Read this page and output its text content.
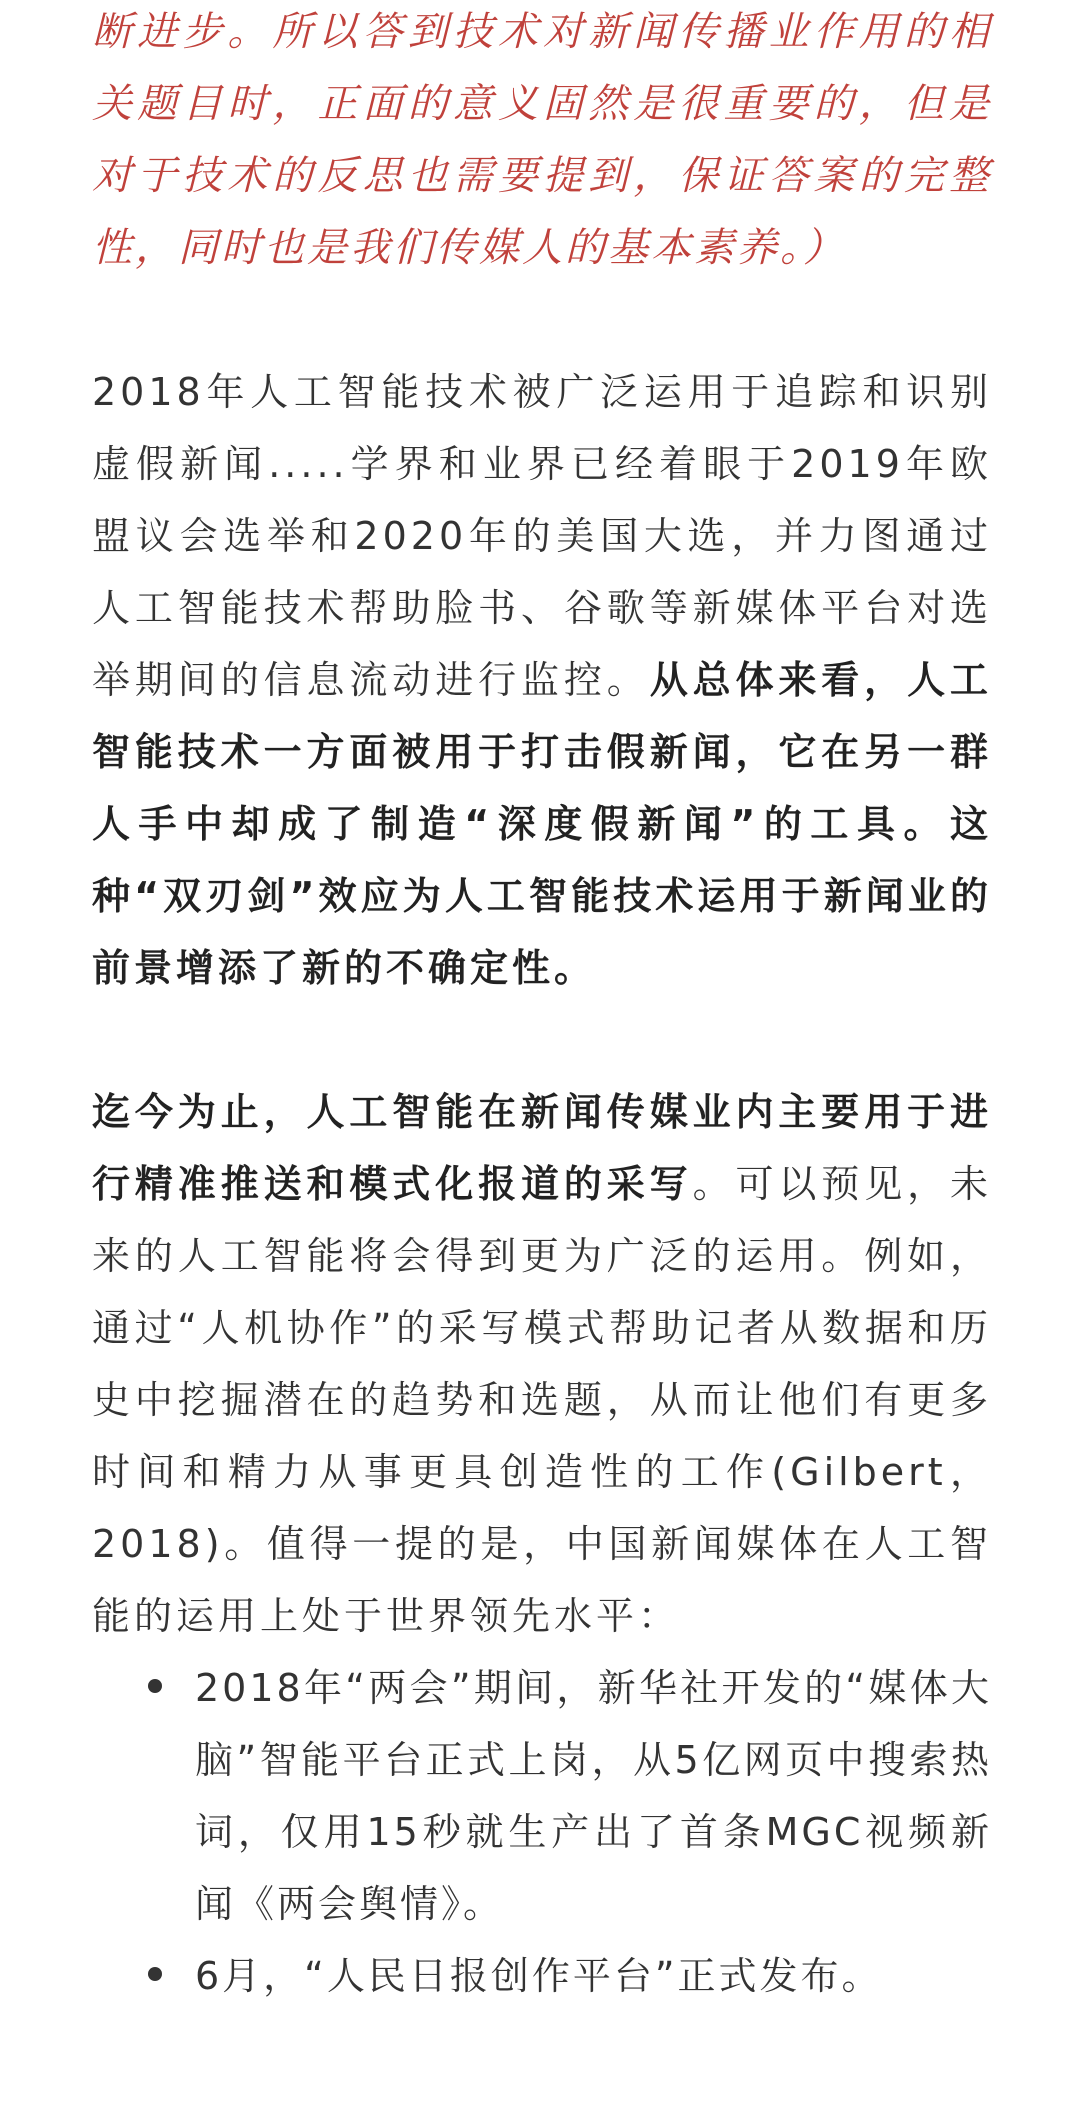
断进步。所以答到技术对新闻传播业作用的相关题目时，正面的意义固然是很重要的，但是对于技术的反思也需要提到，保证答案的完整性，同时也是我们传媒人的基本素养。）

2018年人工智能技术被广泛运用于追踪和识别虚假新闻.....学界和业界已经着眼于2019年欧盟议会选举和2020年的美国大选，并力图通过人工智能技术帮助脸书、谷歌等新媒体平台对选举期间的信息流动进行监控。从总体来看，人工智能技术一方面被用于打击假新闻，它在另一群人手中却成了制造“深度假新闻”的工具。这种“双刃剑”效应为人工智能技术运用于新闻业的前景增添了新的不确定性。

迄今为止，人工智能在新闻传媒业内主要用于进行精准推送和模式化报道的采写。可以预见，未来的人工智能将会得到更为广泛的运用。例如，通过“人机协作”的采写模式帮助记者从数据和历史中挖掘潜在的趋势和选题，从而让他们有更多时间和精力从事更具创造性的工作(Gilbert，2018)。值得一提的是，中国新闻媒体在人工智能的运用上处于世界领先水平：

2018年“两会”期间，新华社开发的“媒体大脑”智能平台正式上岗，从5亿网页中搜索热词，仅用15秒就生产出了首条MGC视频新闻《两会舆情》。
6月，“人民日报创作平台”正式发布。
